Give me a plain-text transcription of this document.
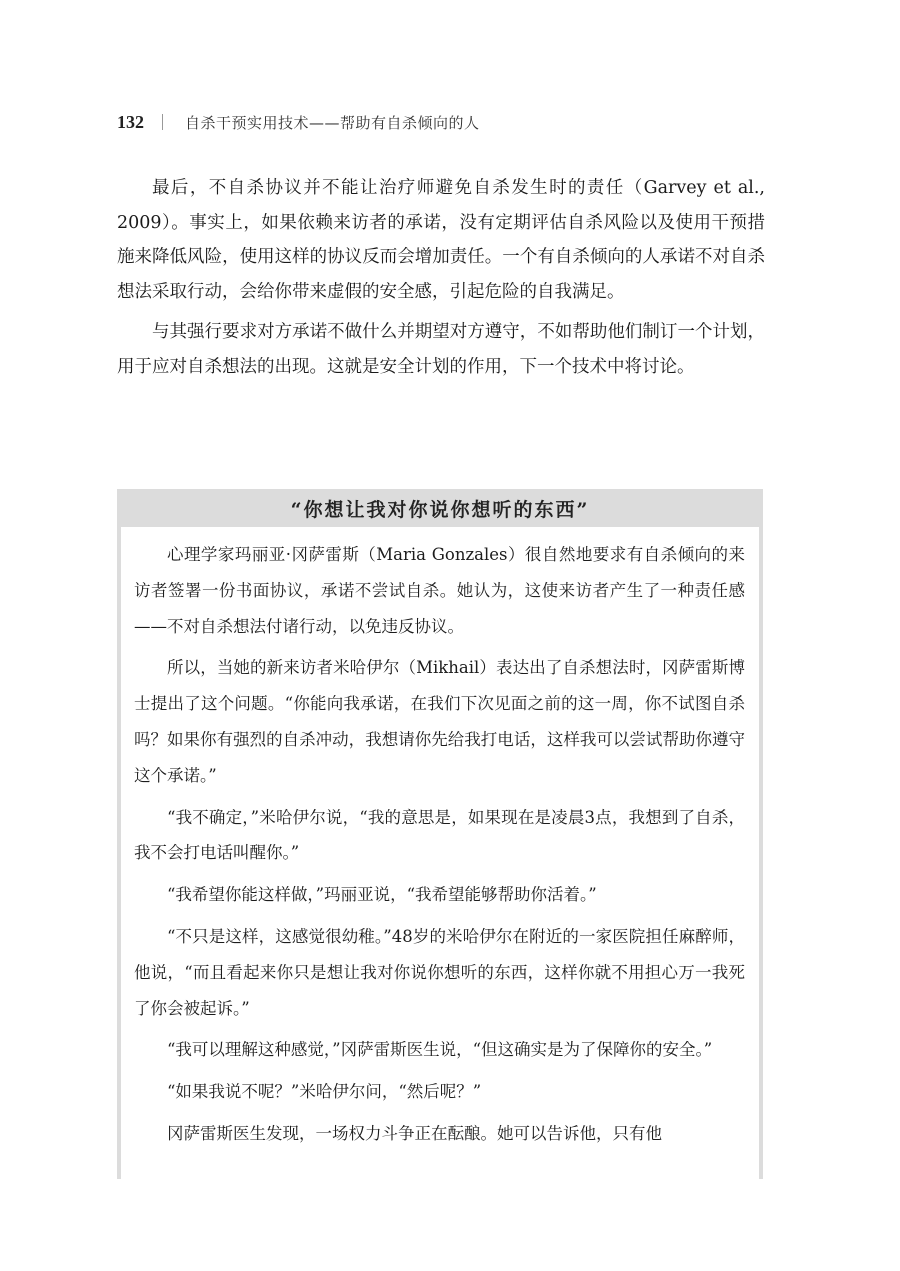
132	自杀干预实用技术——帮助有自杀倾向的人

最后，不自杀协议并不能让治疗师避免自杀发生时的责任（Garvey et al., 2009）。事实上，如果依赖来访者的承诺，没有定期评估自杀风险以及使用干预措施来降低风险，使用这样的协议反而会增加责任。一个有自杀倾向的人承诺不对自杀想法采取行动，会给你带来虚假的安全感，引起危险的自我满足。

与其强行要求对方承诺不做什么并期望对方遵守，不如帮助他们制订一个计划，用于应对自杀想法的出现。这就是安全计划的作用，下一个技术中将讨论。

“你想让我对你说你想听的东西”

心理学家玛丽亚·冈萨雷斯（Maria Gonzales）很自然地要求有自杀倾向的来访者签署一份书面协议，承诺不尝试自杀。她认为，这使来访者产生了一种责任感——不对自杀想法付诸行动，以免违反协议。

所以，当她的新来访者米哈伊尔（Mikhail）表达出了自杀想法时，冈萨雷斯博士提出了这个问题。“你能向我承诺，在我们下次见面之前的这一周，你不试图自杀吗？如果你有强烈的自杀冲动，我想请你先给我打电话，这样我可以尝试帮助你遵守这个承诺。”

“我不确定，”米哈伊尔说，“我的意思是，如果现在是凌晨3点，我想到了自杀，我不会打电话叫醒你。”

“我希望你能这样做，”玛丽亚说，“我希望能够帮助你活着。”

“不只是这样，这感觉很幼稚。”48岁的米哈伊尔在附近的一家医院担任麻醉师，他说，“而且看起来你只是想让我对你说你想听的东西，这样你就不用担心万一我死了你会被起诉。”

“我可以理解这种感觉，”冈萨雷斯医生说，“但这确实是为了保障你的安全。”

“如果我说不呢？”米哈伊尔问，“然后呢？”

冈萨雷斯医生发现，一场权力斗争正在酝酿。她可以告诉他，只有他
